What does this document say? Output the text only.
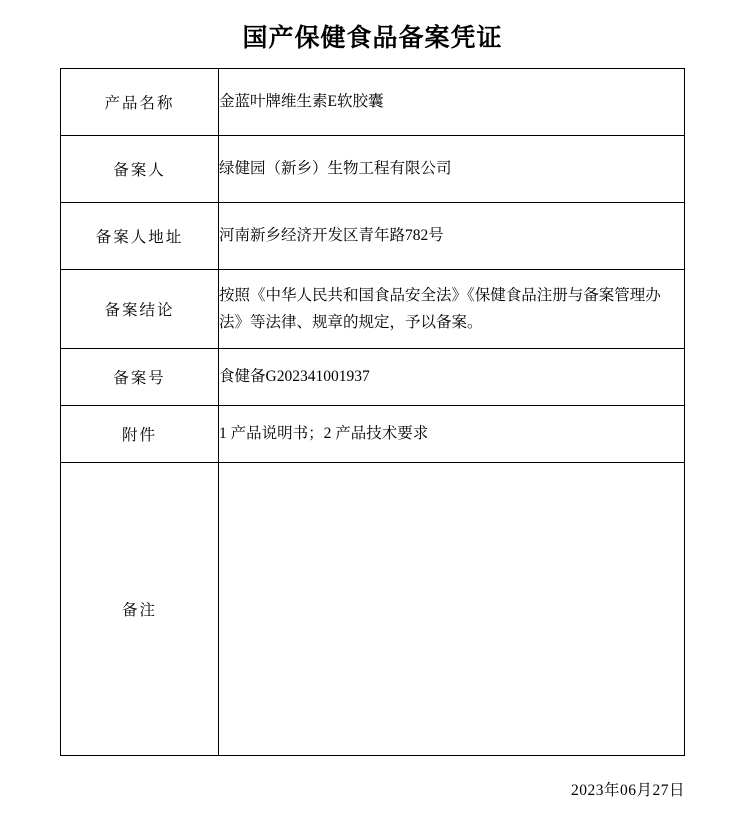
国产保健食品备案凭证
产品名称	金蓝叶牌维生素E软胶囊
备案人	绿健园（新乡）生物工程有限公司
备案人地址	河南新乡经济开发区青年路782号
备案结论	按照《中华人民共和国食品安全法》《保健食品注册与备案管理办法》等法律、规章的规定，予以备案。

备案号	食健备G202341001937
附件	1 产品说明书；2 产品技术要求
备注	
2023年06月27日
